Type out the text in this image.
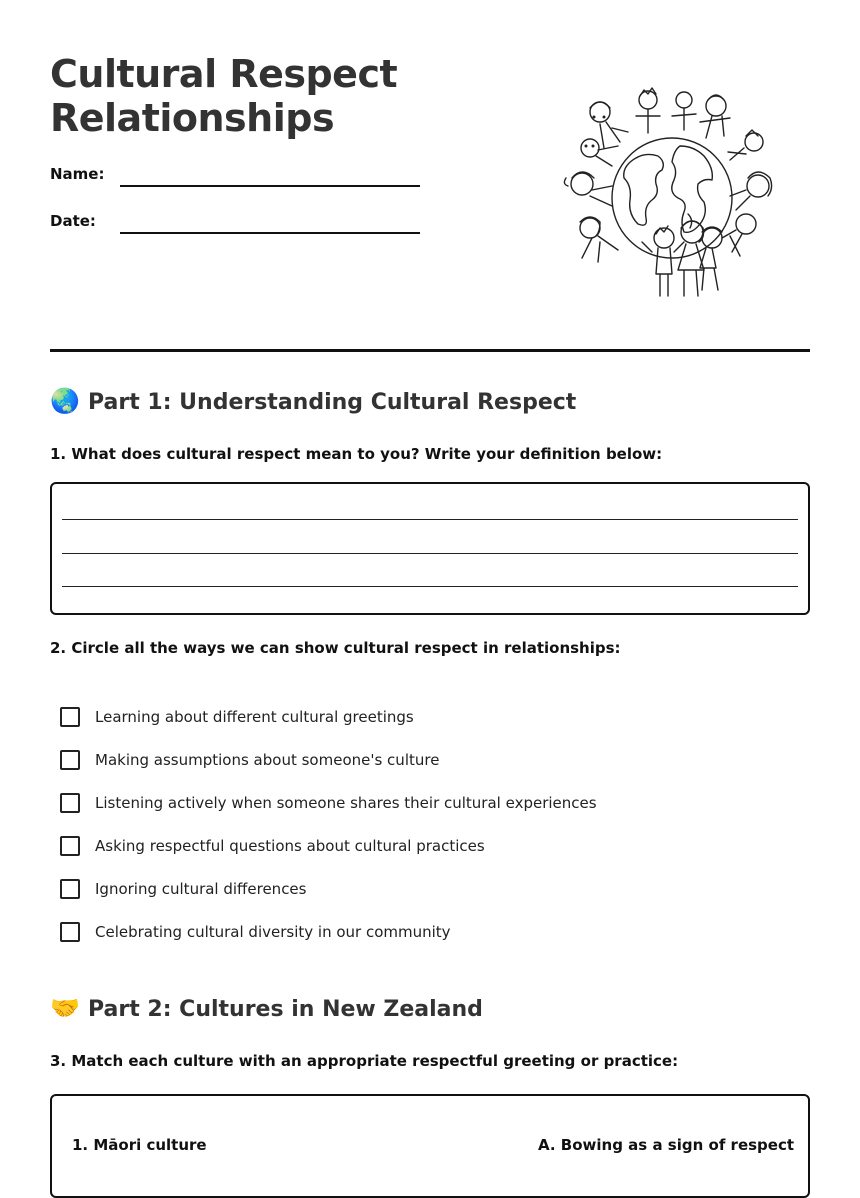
Cultural Respect
Relationships
Name:
Date:
🌏 Part 1: Understanding Cultural Respect
1. What does cultural respect mean to you? Write your definition below:
2. Circle all the ways we can show cultural respect in relationships:
Learning about different cultural greetings
Making assumptions about someone's culture
Listening actively when someone shares their cultural experiences
Asking respectful questions about cultural practices
Ignoring cultural differences
Celebrating cultural diversity in our community
🤝 Part 2: Cultures in New Zealand
3. Match each culture with an appropriate respectful greeting or practice:
1. Māori culture	A. Bowing as a sign of respect
